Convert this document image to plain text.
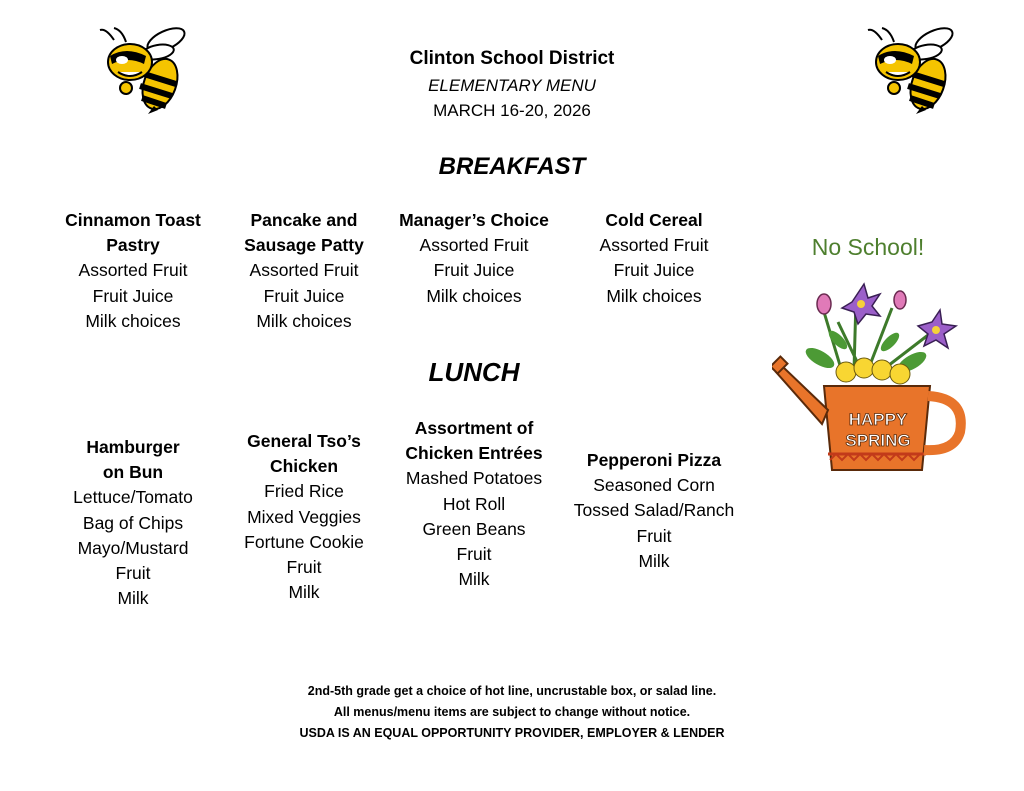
Clinton School District
ELEMENTARY MENU
MARCH 16-20, 2026
BREAKFAST
Cinnamon Toast
Pastry
Assorted Fruit
Fruit Juice
Milk choices
Pancake and
Sausage Patty
Assorted Fruit
Fruit Juice
Milk choices
Manager’s Choice
Assorted Fruit
Fruit Juice
Milk choices
Cold Cereal
Assorted Fruit
Fruit Juice
Milk choices
LUNCH
Hamburger
on Bun
Lettuce/Tomato
Bag of Chips
Mayo/Mustard
Fruit
Milk
General Tso’s
Chicken
Fried Rice
Mixed Veggies
Fortune Cookie
Fruit
Milk
Assortment of
Chicken Entrées
Mashed Potatoes
Hot Roll
Green Beans
Fruit
Milk
Pepperoni Pizza
Seasoned Corn
Tossed Salad/Ranch
Fruit
Milk
No School!
HAPPY
SPRING
2nd-5th grade get a choice of hot line, uncrustable box, or salad line.
All menus/menu items are subject to change without notice.
USDA IS AN EQUAL OPPORTUNITY PROVIDER, EMPLOYER & LENDER
